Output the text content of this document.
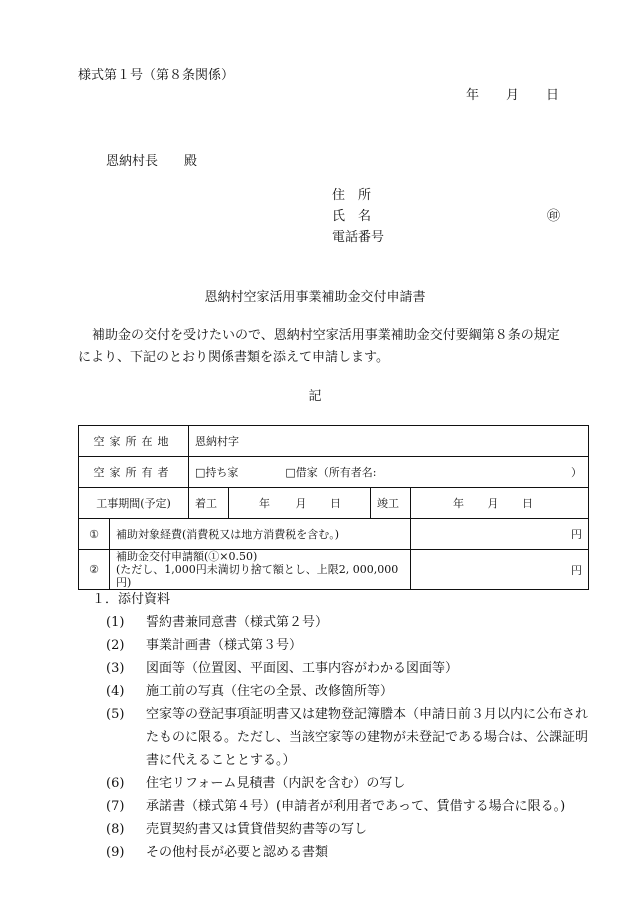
様式第１号（第８条関係）
年 月 日
恩納村長 殿
住　所
氏　名
電話番号
㊞
恩納村空家活用事業補助金交付申請書
補助金の交付を受けたいので、恩納村空家活用事業補助金交付要綱第８条の規定
により、下記のとおり関係書類を添えて申請します。
記
空家所在地		恩納村字			
空家所有者		□持ち家 □借家（所有者名: ）			

工事期間(予定)		着工	年 月 日	竣工	年 月 日
①	補助対象経費(消費税又は地方消費税を含む。)				円
②	補助金交付申請額(①×0.50)
(ただし、1,000円未満切り捨て額とし、上限2, 000,000円)				円
１．添付資料
(1)	誓約書兼同意書（様式第２号）
(2)	事業計画書（様式第３号）
(3)	図面等（位置図、平面図、工事内容がわかる図面等）
(4)	施工前の写真（住宅の全景、改修箇所等）
(5)	空家等の登記事項証明書又は建物登記簿謄本（申請日前３月以内に公布されたものに限る。ただし、当該空家等の建物が未登記である場合は、公課証明書に代えることとする。）
(6)	住宅リフォーム見積書（内訳を含む）の写し
(7)	承諾書（様式第４号）(申請者が利用者であって、賃借する場合に限る。)
(8)	売買契約書又は賃貸借契約書等の写し
(9)	その他村長が必要と認める書類
